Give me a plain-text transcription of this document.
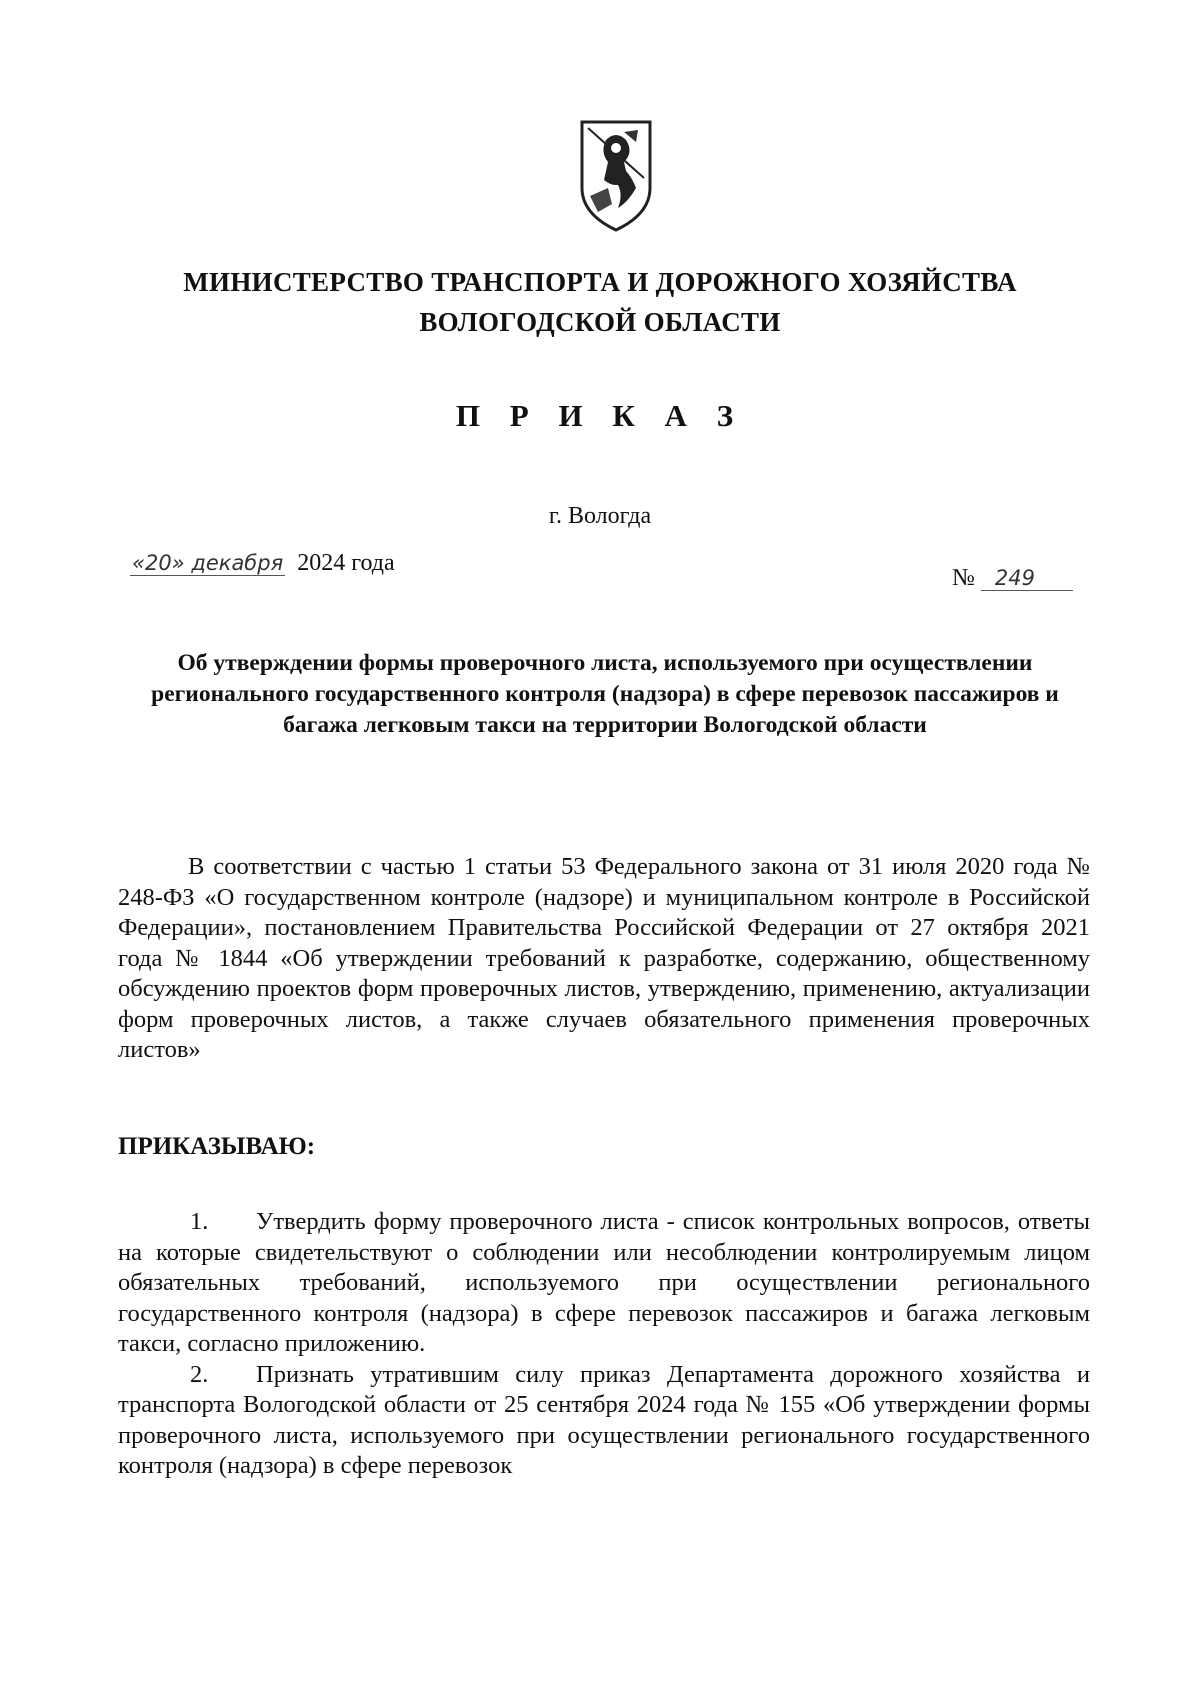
МИНИСТЕРСТВО ТРАНСПОРТА И ДОРОЖНОГО ХОЗЯЙСТВА
ВОЛОГОДСКОЙ ОБЛАСТИ
П Р И К А З
г. Вологда
«20» декабря 2024 года
№ 249
Об утверждении формы проверочного листа, используемого при осуществлении регионального государственного контроля (надзора) в сфере перевозок пассажиров и багажа легковым такси на территории Вологодской области
В соответствии с частью 1 статьи 53 Федерального закона от 31 июля 2020 года № 248-ФЗ «О государственном контроле (надзоре) и муниципальном контроле в Российской Федерации», постановлением Правительства Российской Федерации от 27 октября 2021 года № 1844 «Об утверждении требований к разработке, содержанию, общественному обсуждению проектов форм проверочных листов, утверждению, применению, актуализации форм проверочных листов, а также случаев обязательного применения проверочных листов»
ПРИКАЗЫВАЮ:

1. Утвердить форму проверочного листа - список контрольных вопросов, ответы на которые свидетельствуют о соблюдении или несоблюдении контролируемым лицом обязательных требований, используемого при осуществлении регионального государственного контроля (надзора) в сфере перевозок пассажиров и багажа легковым такси, согласно приложению.

2. Признать утратившим силу приказ Департамента дорожного хозяйства и транспорта Вологодской области от 25 сентября 2024 года № 155 «Об утверждении формы проверочного листа, используемого при осуществлении регионального государственного контроля (надзора) в сфере перевозок
